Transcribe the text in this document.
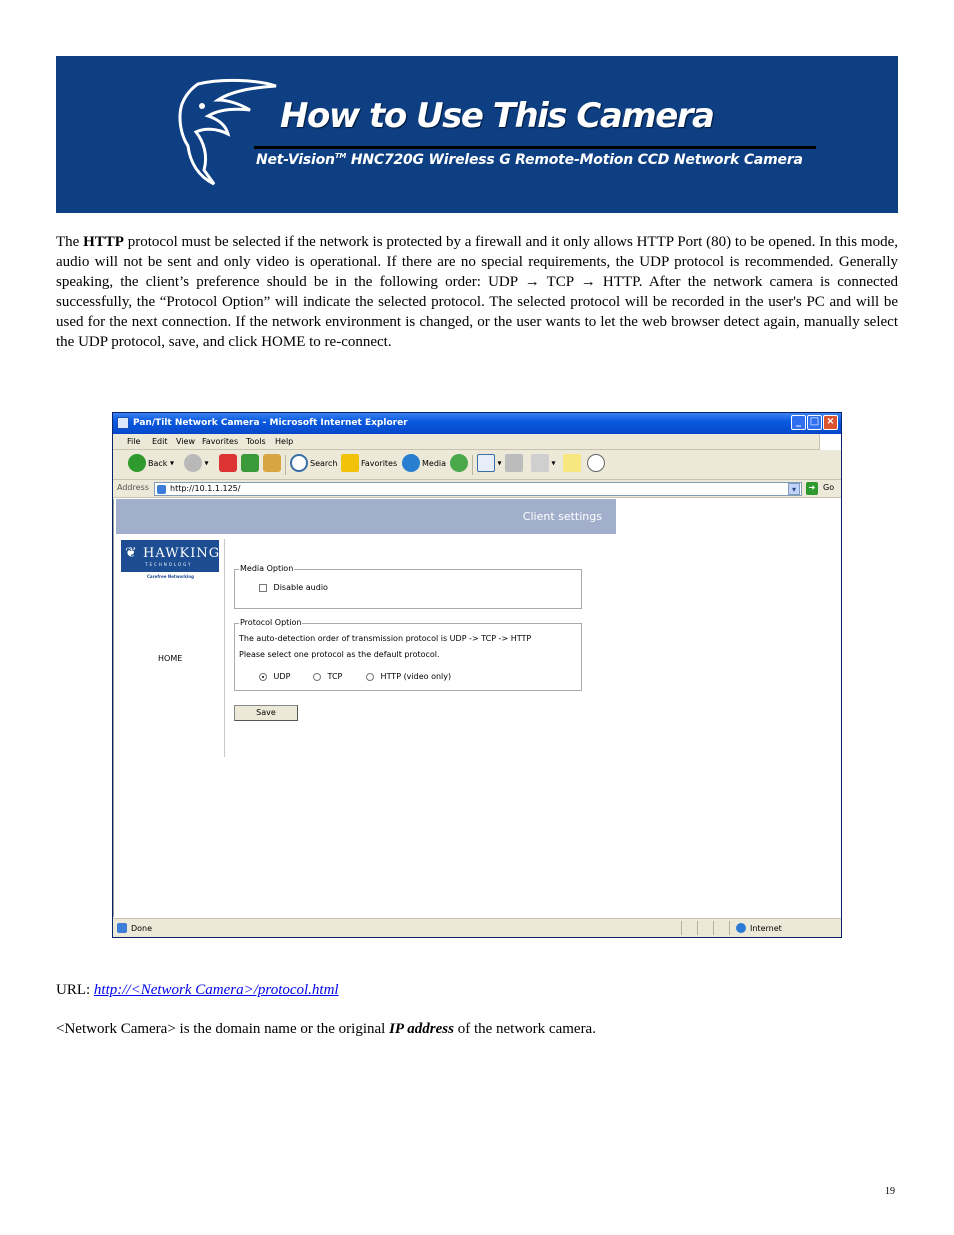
How to Use This Camera
Net-Vision™ HNC720G Wireless G Remote-Motion CCD Network Camera

The HTTP protocol must be selected if the network is protected by a firewall and it only allows HTTP Port (80) to be opened. In this mode, audio will not be sent and only video is operational. If there are no special requirements, the UDP protocol is recommended. Generally speaking, the client’s preference should be in the following order: UDP → TCP → HTTP. After the network camera is connected successfully, the “Protocol Option” will indicate the selected protocol. The selected protocol will be recorded in the user's PC and will be used for the next connection. If the network environment is changed, or the user wants to let the web browser detect again, manually select the UDP protocol, save, and click HOME to re-connect.

Pan/Tilt Network Camera - Microsoft Internet Explorer	_ □ ×
File Edit View Favorites Tools Help
Back ▾	▾	Search	Favorites	Media	▾	▾
Address	http://10.1.1.125/	▾	➜ Go
Client settings
❦ HAWKING
TECHNOLOGY
Carefree Networking
HOME
Media Option
Disable audio
Protocol Option
The auto-detection order of transmission protocol is UDP -> TCP -> HTTP
Please select one protocol as the default protocol.
UDP	TCP	HTTP (video only)
Save
Done	Internet
URL: http://<Network Camera>/protocol.html
<Network Camera> is the domain name or the original IP address of the network camera.
19
